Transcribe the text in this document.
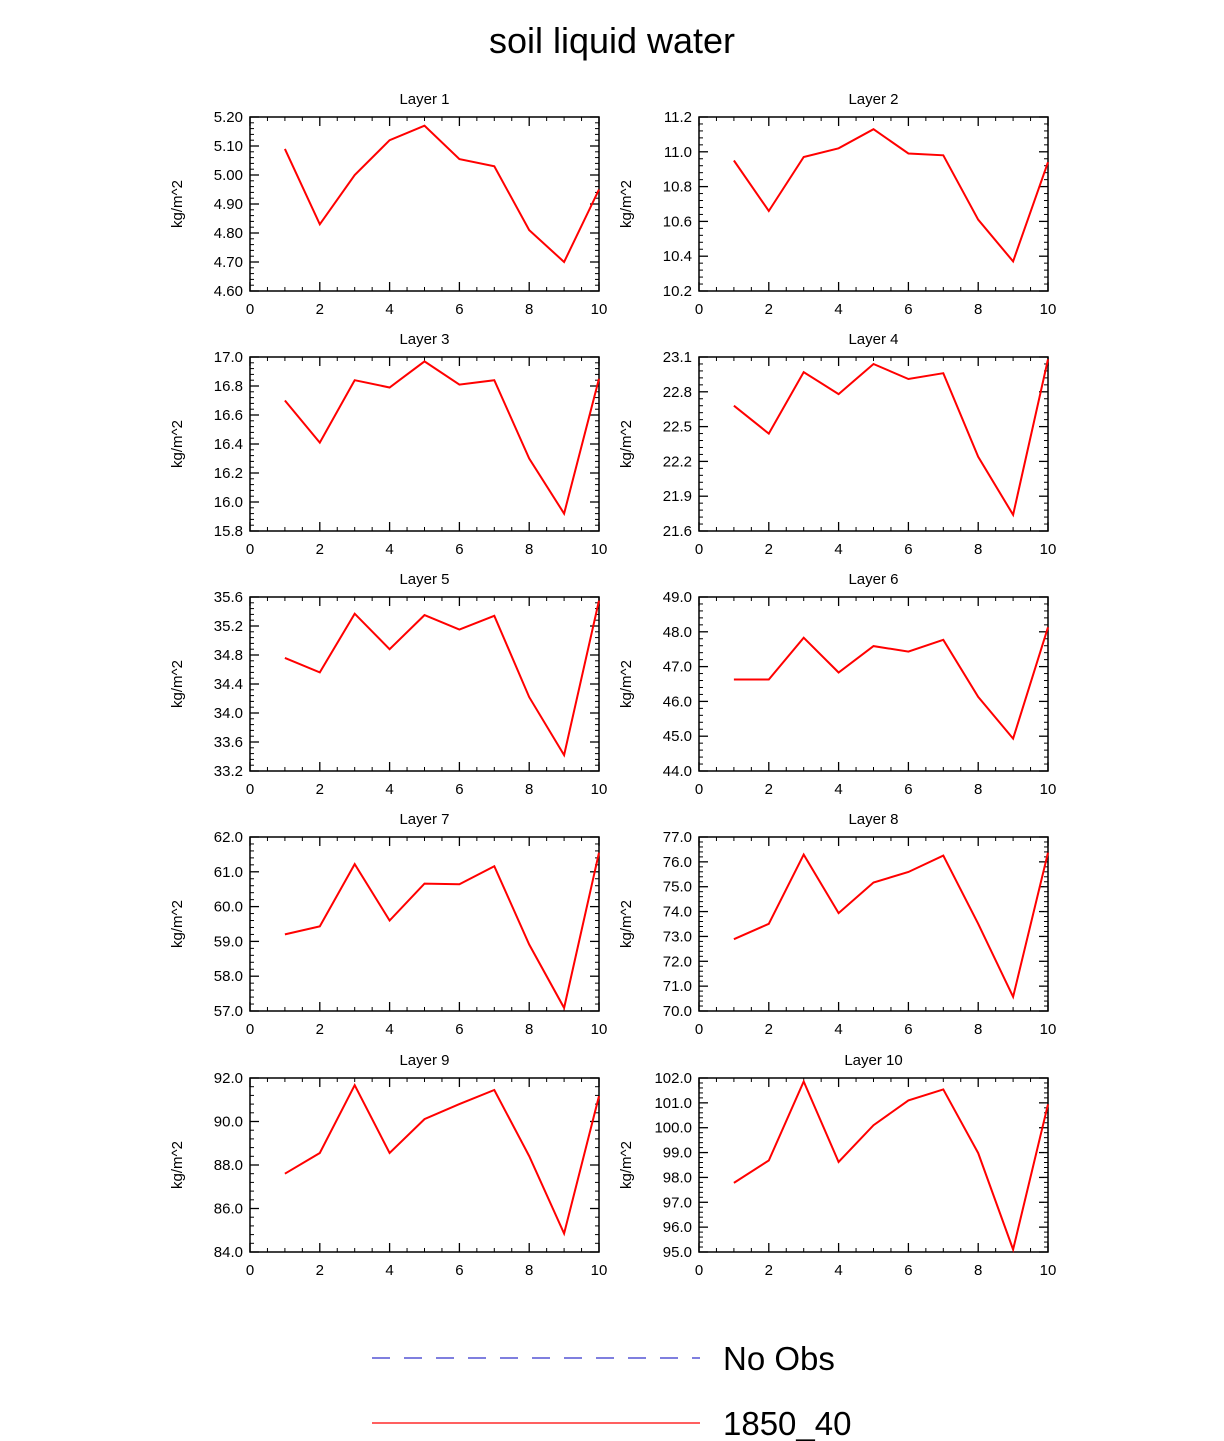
soil liquid water
Layer 1
kg/m^2
4.60
4.70
4.80
4.90
5.00
5.10
5.20
0	2	4	6	8	10
Layer 2
kg/m^2
10.2
10.4
10.6
10.8
11.0
11.2
0	2	4	6	8	10
Layer 3
kg/m^2
15.8
16.0
16.2
16.4
16.6
16.8
17.0
0	2	4	6	8	10
Layer 4
kg/m^2
21.6
21.9
22.2
22.5
22.8
23.1
0	2	4	6	8	10
Layer 5
kg/m^2
33.2
33.6
34.0
34.4
34.8
35.2
35.6
0	2	4	6	8	10
Layer 6
kg/m^2
44.0
45.0
46.0
47.0
48.0
49.0
0	2	4	6	8	10
Layer 7
kg/m^2
57.0
58.0
59.0
60.0
61.0
62.0
0	2	4	6	8	10
Layer 8
kg/m^2
70.0
71.0
72.0
73.0
74.0
75.0
76.0
77.0
0	2	4	6	8	10
Layer 9
kg/m^2
84.0
86.0
88.0
90.0
92.0
0	2	4	6	8	10
Layer 10
kg/m^2
95.0
96.0
97.0
98.0
99.0
100.0
101.0
102.0
0	2	4	6	8	10
No Obs
1850_40
